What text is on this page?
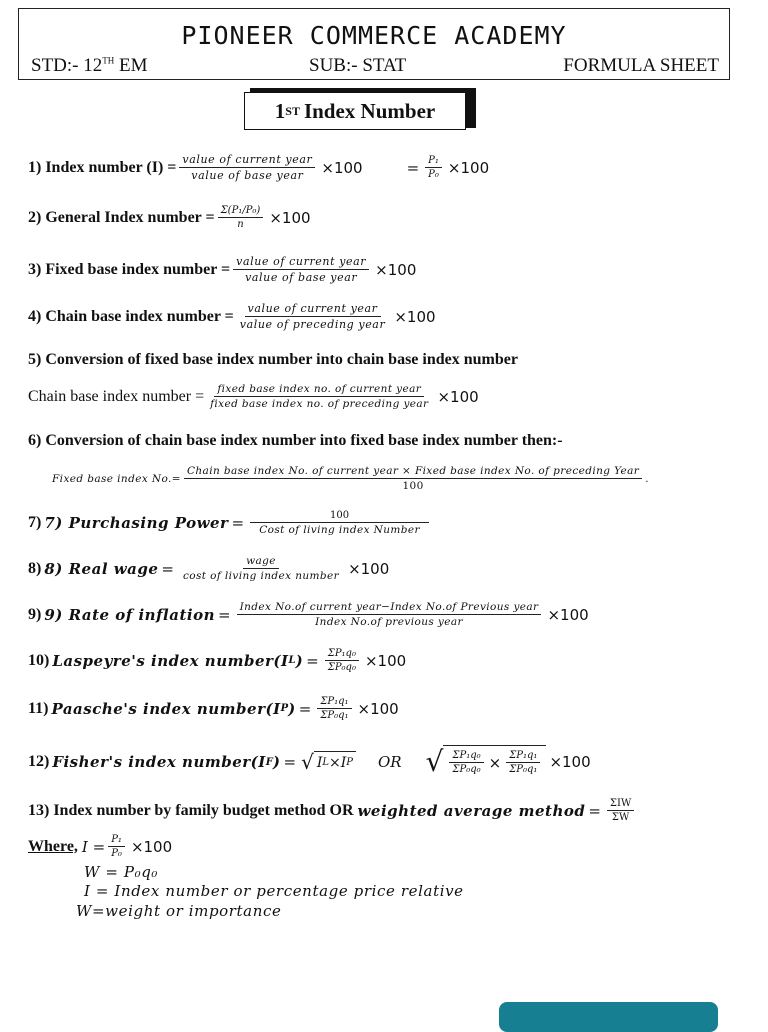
PIONEER COMMERCE ACADEMY
STD:- 12TH EM	SUB:- STAT	FORMULA SHEET
1 ST Index Number
1) Index number $(I) = \frac{\text{value of current year}}{\text{value of base year}} \times 100$	= $\frac{\text{P₁}}{\text{P₀}} \times 100$
2) General Index number = $\frac{\text{Σ(P₁/P₀)}}{n} \times 100$
3) Fixed base index number = $\frac{\text{value of current year}}{\text{value of base year}} \times 100$
4) Chain base index number = $\frac{\text{value of current year}}{\text{value of preceding year}} \times 100$
5) Conversion of fixed base index number into chain base index number
Chain base index number = $\frac{\text{fixed base index no. of current year}}{\text{fixed base index no. of preceding year}} \times 100$
6) Conversion of chain base index number into fixed base index number then:-
Fixed base index No.=
Chain base index No. of current year × Fixed base index No. of preceding Year
100
.
7) 7) Purchasing Power = $\frac{100}{\text{Cost of living index Number}}$
8) 8) Real wage = $\frac{\text{wage}}{\text{cost of living index number}} \times 100$
9) 9) Rate of inflation = $\frac{\text{Index No.of current year−Index No.of Previous year}}{\text{Index No.of previous year}} \times 100$
10) Laspeyre's index number(I L ) = $\frac{\text{ΣP₁q₀}}{\text{ΣP₀q₀}} \times 100$
11) Paasche's index number(I P ) = $\frac{\text{ΣP₁q₁}}{\text{ΣP₀q₁}} \times 100$
12) Fisher's index number(I F ) = √ I L × I P OR √ $\frac{\text{ΣP₁q₀}}{\text{ΣP₀q₀}} \times \frac{\text{ΣP₁q₁}}{\text{ΣP₀q₁}} \times 100$
13) Index number by family budget method OR weighted average method = $\frac{\text{ΣIW}}{\Sigma W}$
Where, $I = \frac{\text{P₁}}{\text{P₀}} \times 100$
W = P₀q₀
I = Index number or percentage price relative
W=weight or importance
